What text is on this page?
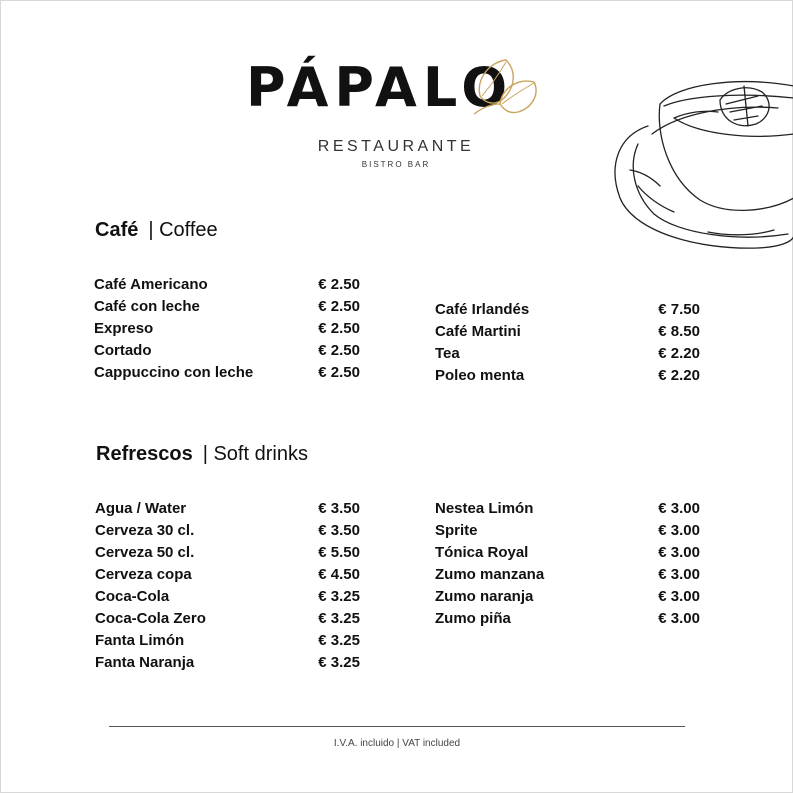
PÁPALO
RESTAURANTE
BISTRO BAR
Café | Coffee
Café Americano	€ 2.50
Café con leche	€ 2.50
Expreso	€ 2.50
Cortado	€ 2.50
Cappuccino con leche	€ 2.50
Café Irlandés	€ 7.50
Café Martini	€ 8.50
Tea	€ 2.20
Poleo menta	€ 2.20
Refrescos | Soft drinks
Agua / Water	€ 3.50
Cerveza 30 cl.	€ 3.50
Cerveza 50 cl.	€ 5.50
Cerveza copa	€ 4.50
Coca-Cola	€ 3.25
Coca-Cola Zero	€ 3.25
Fanta Limón	€ 3.25
Fanta Naranja	€ 3.25
Nestea Limón	€ 3.00
Sprite	€ 3.00
Tónica Royal	€ 3.00
Zumo manzana	€ 3.00
Zumo naranja	€ 3.00
Zumo piña	€ 3.00
I.V.A. incluido | VAT included
